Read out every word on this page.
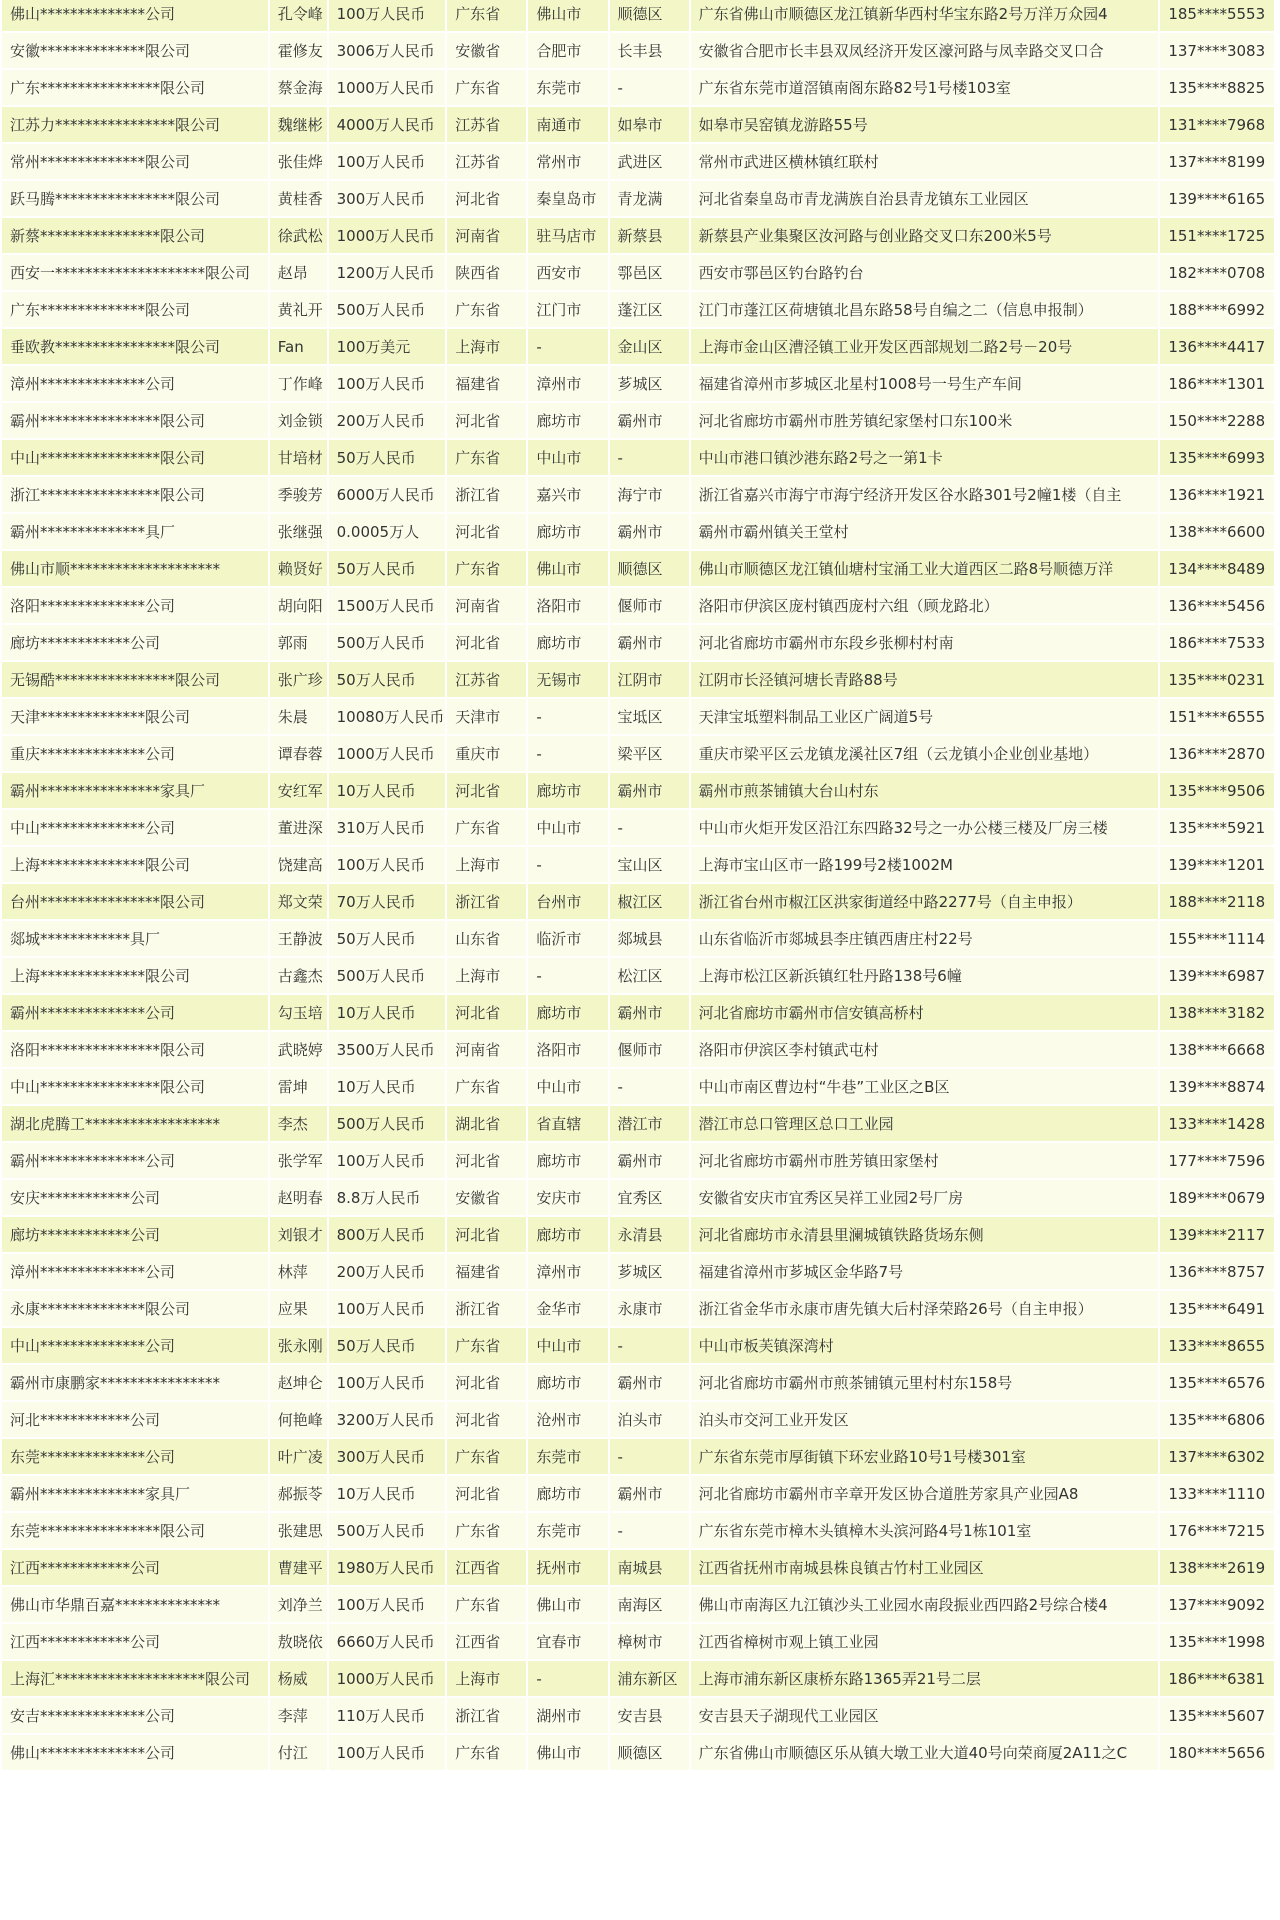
佛山**************公司	孔令峰	100万人民币	广东省	佛山市	顺德区	广东省佛山市顺德区龙江镇新华西村华宝东路2号万洋万众园4	185****5553
安徽**************限公司	霍修友	3006万人民币	安徽省	合肥市	长丰县	安徽省合肥市长丰县双凤经济开发区濠河路与凤幸路交叉口合	137****3083
广东****************限公司	蔡金海	1000万人民币	广东省	东莞市	-	广东省东莞市道滘镇南阁东路82号1号楼103室	135****8825
江苏力****************限公司	魏继彬	4000万人民币	江苏省	南通市	如皋市	如皋市吴窑镇龙游路55号	131****7968
常州**************限公司	张佳烨	100万人民币	江苏省	常州市	武进区	常州市武进区横林镇红联村	137****8199
跃马腾****************限公司	黄桂香	300万人民币	河北省	秦皇岛市	青龙满	河北省秦皇岛市青龙满族自治县青龙镇东工业园区	139****6165
新蔡****************限公司	徐武松	1000万人民币	河南省	驻马店市	新蔡县	新蔡县产业集聚区汝河路与创业路交叉口东200米5号	151****1725
西安一********************限公司	赵昂	1200万人民币	陕西省	西安市	鄠邑区	西安市鄠邑区钓台路钓台	182****0708
广东**************限公司	黄礼开	500万人民币	广东省	江门市	蓬江区	江门市蓬江区荷塘镇北昌东路58号自编之二（信息申报制）	188****6992
垂欧教****************限公司	Fan	100万美元	上海市	-	金山区	上海市金山区漕泾镇工业开发区西部规划二路2号－20号	136****4417
漳州**************公司	丁作峰	100万人民币	福建省	漳州市	芗城区	福建省漳州市芗城区北星村1008号一号生产车间	186****1301
霸州****************限公司	刘金锁	200万人民币	河北省	廊坊市	霸州市	河北省廊坊市霸州市胜芳镇纪家堡村口东100米	150****2288
中山****************限公司	甘培材	50万人民币	广东省	中山市	-	中山市港口镇沙港东路2号之一第1卡	135****6993
浙江****************限公司	季骏芳	6000万人民币	浙江省	嘉兴市	海宁市	浙江省嘉兴市海宁市海宁经济开发区谷水路301号2幢1楼（自主	136****1921
霸州**************具厂	张继强	0.0005万人	河北省	廊坊市	霸州市	霸州市霸州镇关王堂村	138****6600
佛山市顺********************	赖贤好	50万人民币	广东省	佛山市	顺德区	佛山市顺德区龙江镇仙塘村宝涌工业大道西区二路8号顺德万洋	134****8489
洛阳**************公司	胡向阳	1500万人民币	河南省	洛阳市	偃师市	洛阳市伊滨区庞村镇西庞村六组（顾龙路北）	136****5456
廊坊************公司	郭雨	500万人民币	河北省	廊坊市	霸州市	河北省廊坊市霸州市东段乡张柳村村南	186****7533
无锡酷****************限公司	张广珍	50万人民币	江苏省	无锡市	江阴市	江阴市长泾镇河塘长青路88号	135****0231
天津**************限公司	朱晨	10080万人民币	天津市	-	宝坻区	天津宝坻塑料制品工业区广阔道5号	151****6555
重庆**************公司	谭春蓉	1000万人民币	重庆市	-	梁平区	重庆市梁平区云龙镇龙溪社区7组（云龙镇小企业创业基地）	136****2870
霸州****************家具厂	安红军	10万人民币	河北省	廊坊市	霸州市	霸州市煎茶铺镇大台山村东	135****9506
中山**************公司	董进深	310万人民币	广东省	中山市	-	中山市火炬开发区沿江东四路32号之一办公楼三楼及厂房三楼	135****5921
上海**************限公司	饶建高	100万人民币	上海市	-	宝山区	上海市宝山区市一路199号2楼1002M	139****1201
台州****************限公司	郑文荣	70万人民币	浙江省	台州市	椒江区	浙江省台州市椒江区洪家街道经中路2277号（自主申报）	188****2118
郯城************具厂	王静波	50万人民币	山东省	临沂市	郯城县	山东省临沂市郯城县李庄镇西唐庄村22号	155****1114
上海**************限公司	古鑫杰	500万人民币	上海市	-	松江区	上海市松江区新浜镇红牡丹路138号6幢	139****6987
霸州**************公司	勾玉培	10万人民币	河北省	廊坊市	霸州市	河北省廊坊市霸州市信安镇高桥村	138****3182
洛阳****************限公司	武晓婷	3500万人民币	河南省	洛阳市	偃师市	洛阳市伊滨区李村镇武屯村	138****6668
中山****************限公司	雷坤	10万人民币	广东省	中山市	-	中山市南区曹边村“牛巷”工业区之B区	139****8874
湖北虎腾工******************	李杰	500万人民币	湖北省	省直辖	潜江市	潜江市总口管理区总口工业园	133****1428
霸州**************公司	张学军	100万人民币	河北省	廊坊市	霸州市	河北省廊坊市霸州市胜芳镇田家堡村	177****7596
安庆************公司	赵明春	8.8万人民币	安徽省	安庆市	宜秀区	安徽省安庆市宜秀区吴祥工业园2号厂房	189****0679
廊坊************公司	刘银才	800万人民币	河北省	廊坊市	永清县	河北省廊坊市永清县里澜城镇铁路货场东侧	139****2117
漳州**************公司	林萍	200万人民币	福建省	漳州市	芗城区	福建省漳州市芗城区金华路7号	136****8757
永康**************限公司	应果	100万人民币	浙江省	金华市	永康市	浙江省金华市永康市唐先镇大后村泽荣路26号（自主申报）	135****6491
中山**************公司	张永刚	50万人民币	广东省	中山市	-	中山市板芙镇深湾村	133****8655
霸州市康鹏家****************	赵坤仑	100万人民币	河北省	廊坊市	霸州市	河北省廊坊市霸州市煎茶铺镇元里村村东158号	135****6576
河北************公司	何艳峰	3200万人民币	河北省	沧州市	泊头市	泊头市交河工业开发区	135****6806
东莞**************公司	叶广凌	300万人民币	广东省	东莞市	-	广东省东莞市厚街镇下环宏业路10号1号楼301室	137****6302
霸州**************家具厂	郝振苓	10万人民币	河北省	廊坊市	霸州市	河北省廊坊市霸州市辛章开发区协合道胜芳家具产业园A8	133****1110
东莞****************限公司	张建思	500万人民币	广东省	东莞市	-	广东省东莞市樟木头镇樟木头滨河路4号1栋101室	176****7215
江西************公司	曹建平	1980万人民币	江西省	抚州市	南城县	江西省抚州市南城县株良镇古竹村工业园区	138****2619
佛山市华鼎百嘉**************	刘净兰	100万人民币	广东省	佛山市	南海区	佛山市南海区九江镇沙头工业园水南段振业西四路2号综合楼4	137****9092
江西************公司	敖晓依	6660万人民币	江西省	宜春市	樟树市	江西省樟树市观上镇工业园	135****1998
上海汇********************限公司	杨威	1000万人民币	上海市	-	浦东新区	上海市浦东新区康桥东路1365弄21号二层	186****6381
安吉**************公司	李萍	110万人民币	浙江省	湖州市	安吉县	安吉县天子湖现代工业园区	135****5607
佛山**************公司	付江	100万人民币	广东省	佛山市	顺德区	广东省佛山市顺德区乐从镇大墩工业大道40号向荣商厦2A11之C	180****5656
